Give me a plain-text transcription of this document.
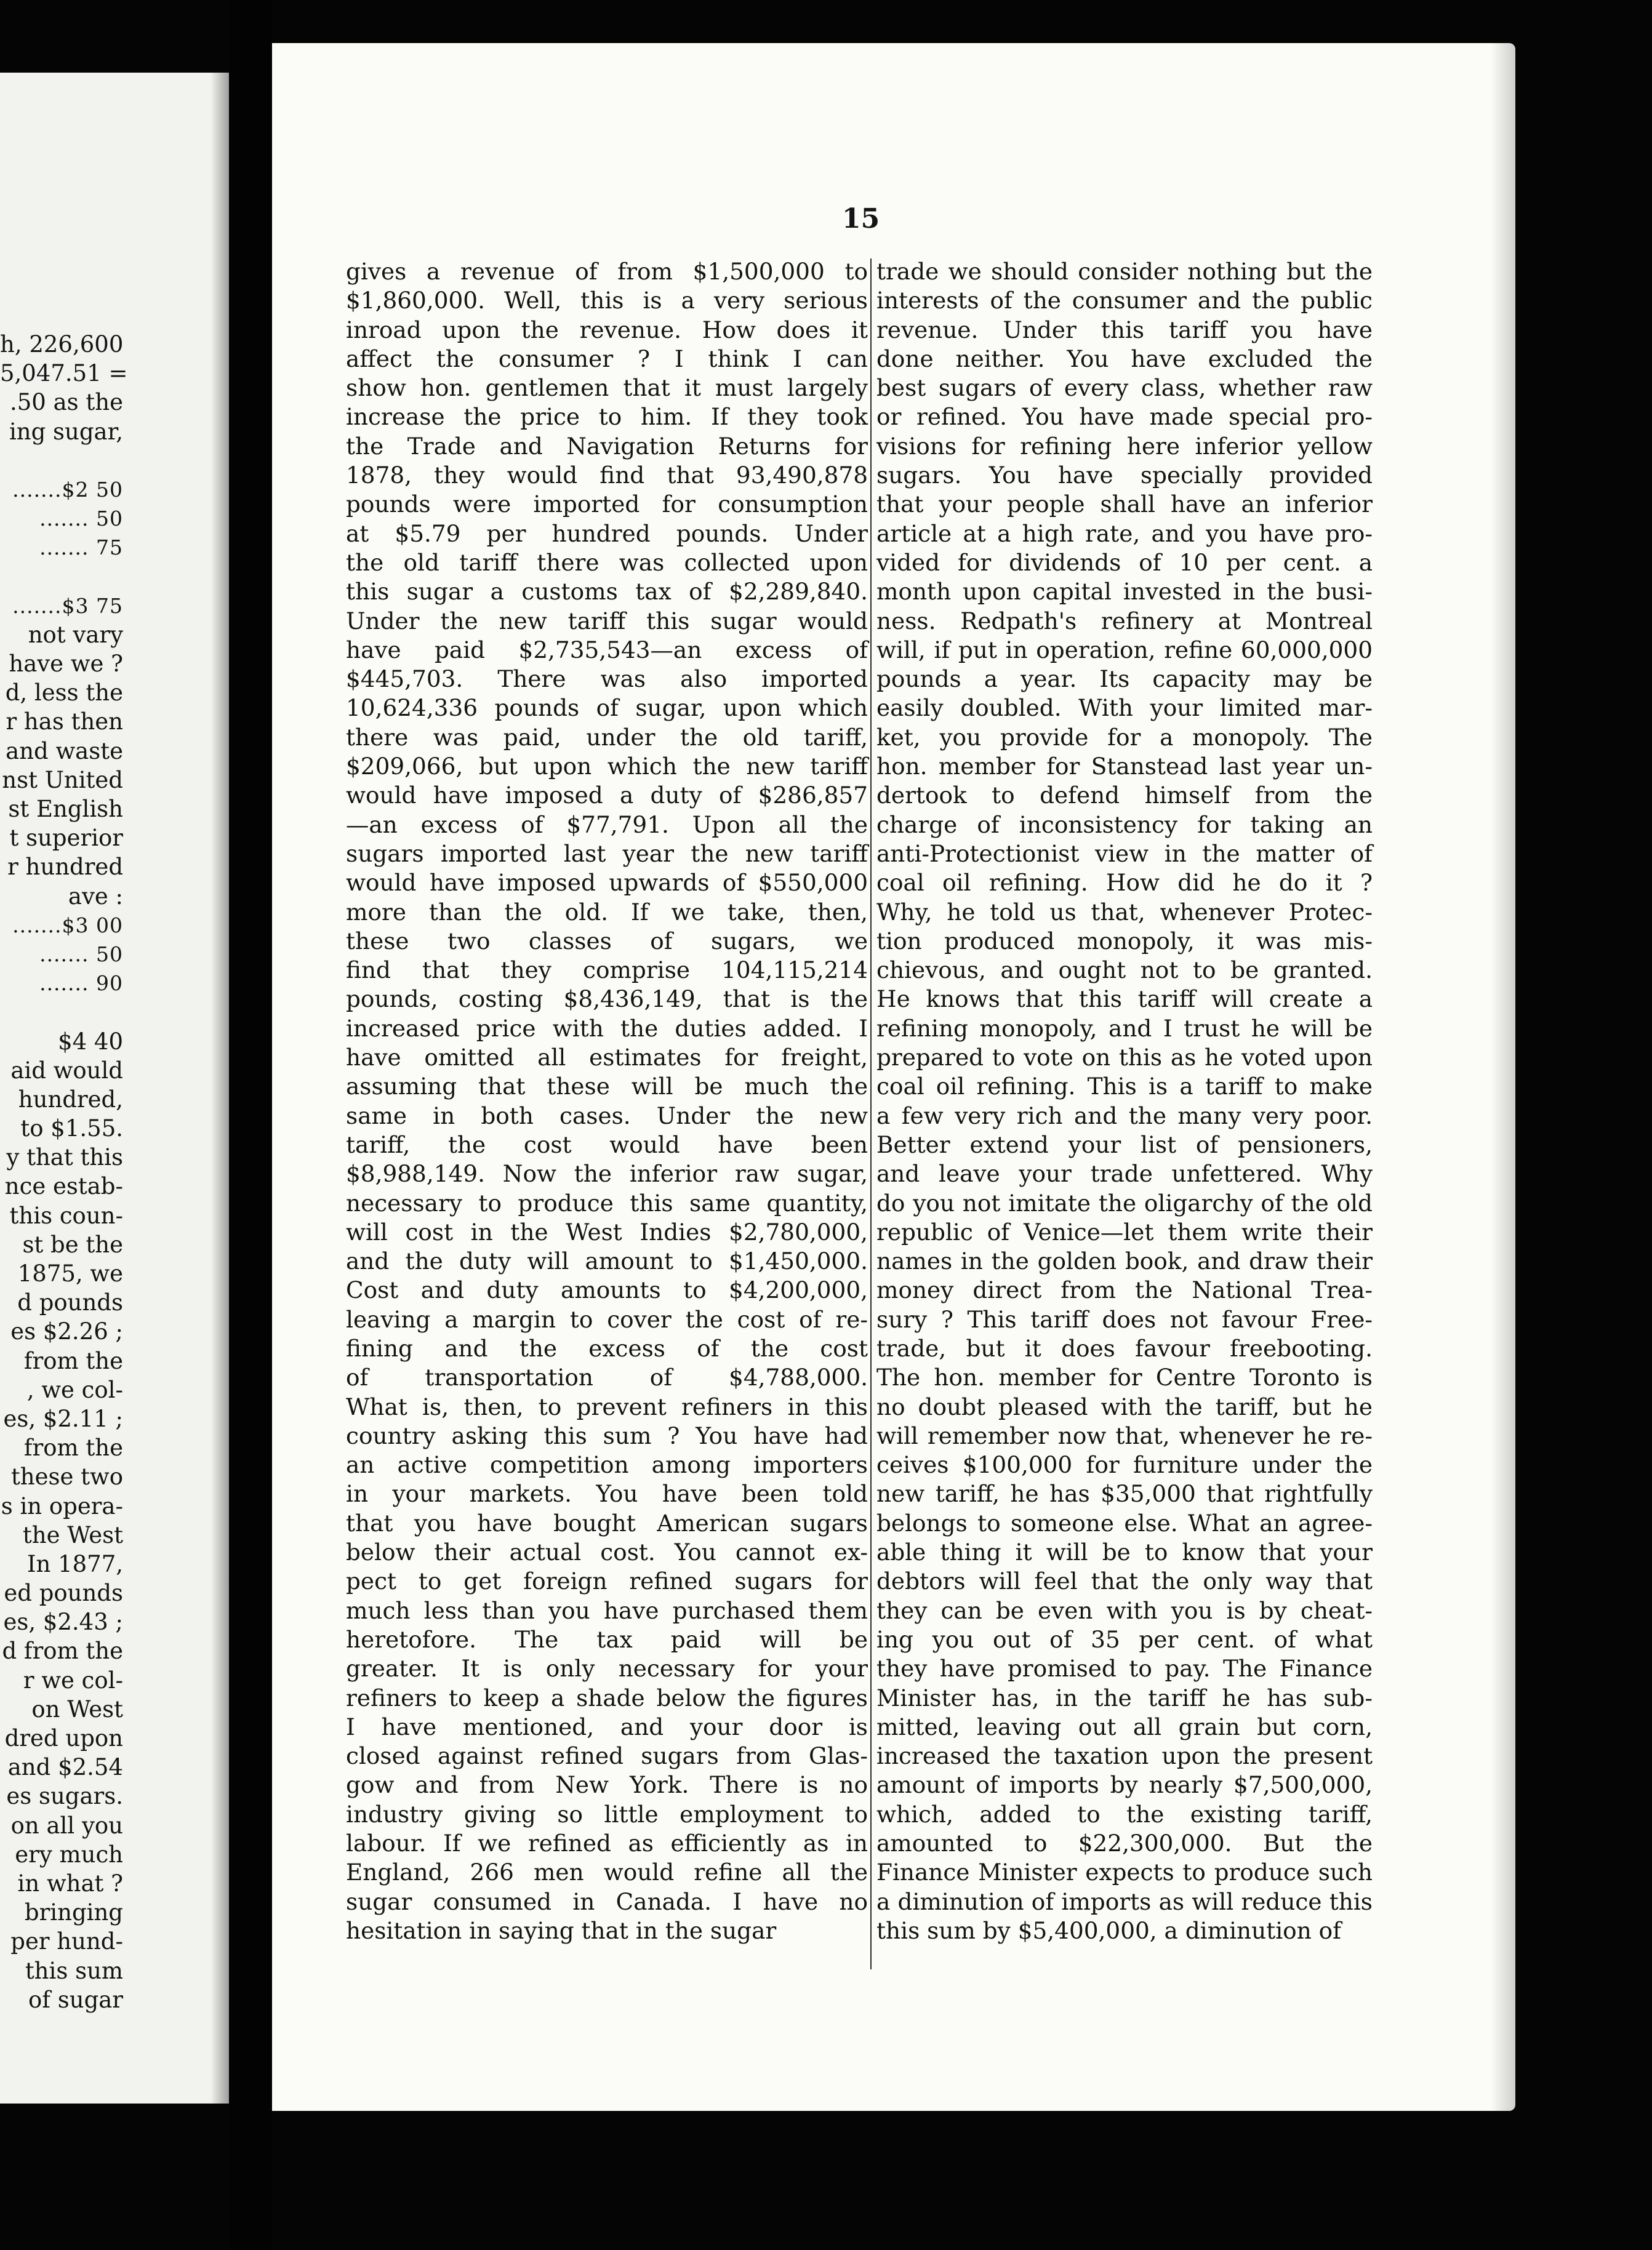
h, 226,600
5,047.51 =
.50 as the
ing sugar,
.......$2 50
....... 50
....... 75
.......$3 75
not vary
have we ?
d, less the
r has then
and waste
nst United
st English
t superior
r hundred
ave :
.......$3 00
....... 50
....... 90
$4 40
aid would
hundred,
to $1.55.
y that this
nce estab-
this coun-
st be the
1875, we
d pounds
es $2.26 ;
from the
, we col-
es, $2.11 ;
from the
these two
s in opera-
the West
In 1877,
ed pounds
es, $2.43 ;
d from the
r we col-
on West
dred upon
and $2.54
es sugars.
on all you
ery much
in what ?
bringing
per hund-
this sum
of sugar
15
gives a revenue of from $1,500,000 to
$1,860,000. Well, this is a very serious
inroad upon the revenue. How does it
affect the consumer ? I think I can
show hon. gentlemen that it must largely
increase the price to him. If they took
the Trade and Navigation Returns for
1878, they would find that 93,490,878
pounds were imported for consumption
at $5.79 per hundred pounds. Under
the old tariff there was collected upon
this sugar a customs tax of $2,289,840.
Under the new tariff this sugar would
have paid $2,735,543—an excess of
$445,703. There was also imported
10,624,336 pounds of sugar, upon which
there was paid, under the old tariff,
$209,066, but upon which the new tariff
would have imposed a duty of $286,857
—an excess of $77,791. Upon all the
sugars imported last year the new tariff
would have imposed upwards of $550,000
more than the old. If we take, then,
these two classes of sugars, we
find that they comprise 104,115,214
pounds, costing $8,436,149, that is the
increased price with the duties added. I
have omitted all estimates for freight,
assuming that these will be much the
same in both cases. Under the new
tariff, the cost would have been
$8,988,149. Now the inferior raw sugar,
necessary to produce this same quantity,
will cost in the West Indies $2,780,000,
and the duty will amount to $1,450,000.
Cost and duty amounts to $4,200,000,
leaving a margin to cover the cost of re-
fining and the excess of the cost
of transportation of $4,788,000.
What is, then, to prevent refiners in this
country asking this sum ? You have had
an active competition among importers
in your markets. You have been told
that you have bought American sugars
below their actual cost. You cannot ex-
pect to get foreign refined sugars for
much less than you have purchased them
heretofore. The tax paid will be
greater. It is only necessary for your
refiners to keep a shade below the figures
I have mentioned, and your door is
closed against refined sugars from Glas-
gow and from New York. There is no
industry giving so little employment to
labour. If we refined as efficiently as in
England, 266 men would refine all the
sugar consumed in Canada. I have no
hesitation in saying that in the sugar
trade we should consider nothing but the
interests of the consumer and the public
revenue. Under this tariff you have
done neither. You have excluded the
best sugars of every class, whether raw
or refined. You have made special pro-
visions for refining here inferior yellow
sugars. You have specially provided
that your people shall have an inferior
article at a high rate, and you have pro-
vided for dividends of 10 per cent. a
month upon capital invested in the busi-
ness. Redpath's refinery at Montreal
will, if put in operation, refine 60,000,000
pounds a year. Its capacity may be
easily doubled. With your limited mar-
ket, you provide for a monopoly. The
hon. member for Stanstead last year un-
dertook to defend himself from the
charge of inconsistency for taking an
anti-Protectionist view in the matter of
coal oil refining. How did he do it ?
Why, he told us that, whenever Protec-
tion produced monopoly, it was mis-
chievous, and ought not to be granted.
He knows that this tariff will create a
refining monopoly, and I trust he will be
prepared to vote on this as he voted upon
coal oil refining. This is a tariff to make
a few very rich and the many very poor.
Better extend your list of pensioners,
and leave your trade unfettered. Why
do you not imitate the oligarchy of the old
republic of Venice—let them write their
names in the golden book, and draw their
money direct from the National Trea-
sury ? This tariff does not favour Free-
trade, but it does favour freebooting.
The hon. member for Centre Toronto is
no doubt pleased with the tariff, but he
will remember now that, whenever he re-
ceives $100,000 for furniture under the
new tariff, he has $35,000 that rightfully
belongs to someone else. What an agree-
able thing it will be to know that your
debtors will feel that the only way that
they can be even with you is by cheat-
ing you out of 35 per cent. of what
they have promised to pay. The Finance
Minister has, in the tariff he has sub-
mitted, leaving out all grain but corn,
increased the taxation upon the present
amount of imports by nearly $7,500,000,
which, added to the existing tariff,
amounted to $22,300,000. But the
Finance Minister expects to produce such
a diminution of imports as will reduce this
this sum by $5,400,000, a diminution of
